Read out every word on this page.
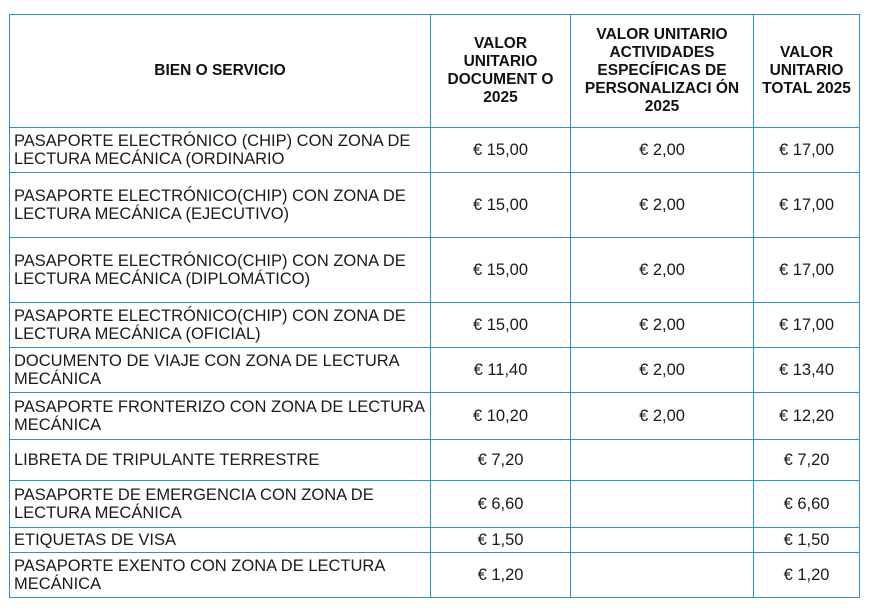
BIEN O SERVICIO	VALOR UNITARIO DOCUMENT O 2025	VALOR UNITARIO ACTIVIDADES ESPECÍFICAS DE PERSONALIZACI ÓN 2025	VALOR UNITARIO TOTAL 2025

PASAPORTE ELECTRÓNICO (CHIP) CON ZONA DE LECTURA MECÁNICA (ORDINARIO	€ 15,00	€ 2,00	€ 17,00
PASAPORTE ELECTRÓNICO(CHIP) CON ZONA DE LECTURA MECÁNICA (EJECUTIVO)	€ 15,00	€ 2,00	€ 17,00
PASAPORTE ELECTRÓNICO(CHIP) CON ZONA DE LECTURA MECÁNICA (DIPLOMÁTICO)	€ 15,00	€ 2,00	€ 17,00
PASAPORTE ELECTRÓNICO(CHIP) CON ZONA DE LECTURA MECÁNICA (OFICIAL)	€ 15,00	€ 2,00	€ 17,00
DOCUMENTO DE VIAJE CON ZONA DE LECTURA MECÁNICA	€ 11,40	€ 2,00	€ 13,40
PASAPORTE FRONTERIZO CON ZONA DE LECTURA MECÁNICA	€ 10,20	€ 2,00	€ 12,20
LIBRETA DE TRIPULANTE TERRESTRE	€ 7,20		€ 7,20
PASAPORTE DE EMERGENCIA CON ZONA DE LECTURA MECÁNICA	€ 6,60		€ 6,60
ETIQUETAS DE VISA	€ 1,50		€ 1,50
PASAPORTE EXENTO CON ZONA DE LECTURA MECÁNICA	€ 1,20		€ 1,20
